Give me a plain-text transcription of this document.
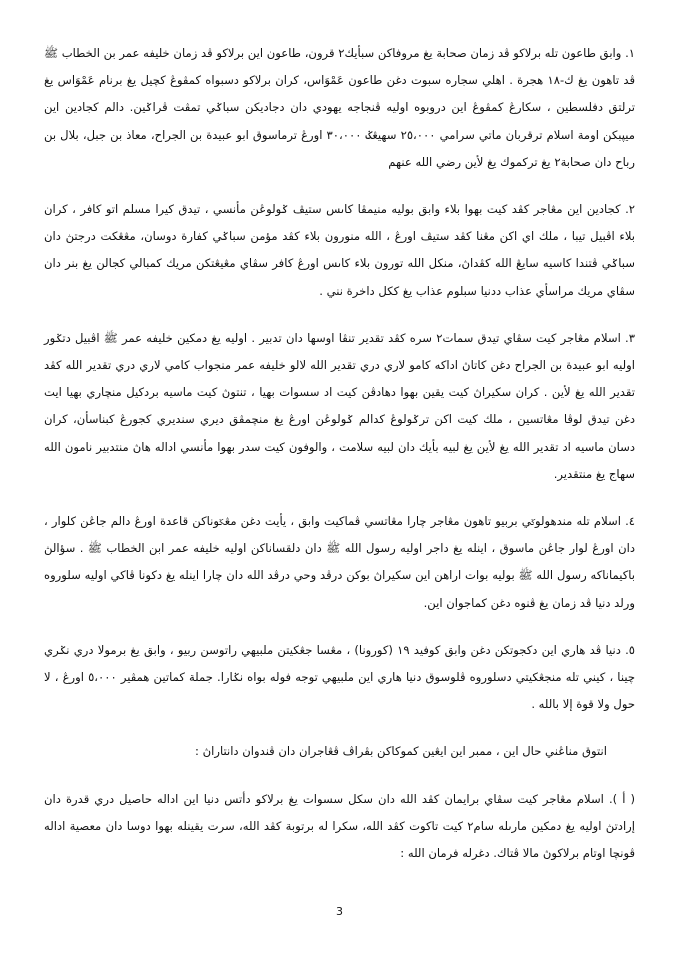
١. وابق طاعون تله برلاكو ڤد زمان صحابة يغ مروفاكن سبأيك٢ قرون، طاعون اين برلاكو ڤد زمان خليفه عمر بن الخطاب ﷺ ڤد تاهون يغ ك-١٨ هجرة . اهلي سجاره سبوت دغن طاعون عَمْوَاس، كران برلاكو دسبواه كمڤوڠ كچيل يغ برنام عَمْوَاس يغ ترلتق دفلسطين ، سكارڠ كمڤوڠ اين دروبوه اوليه ڤنجاجه يهودي دان دجاديكن سباݢي تمڤت ڤراݢين. دالم كجادين اين ميپبكن اومة اسلام ترقربان ماتي سرامي ٢٥،٠٠٠ سهيڠݢ ٣٠،٠٠٠ اورڠ ترماسوق ابو عبيدة بن الجراح، معاذ بن جبل، بلال بن رباح دان صحابة٢ يغ تركموك يغ لأين رضي الله عنهم

٢. كجادين اين مڠاجر كڤد كيت بهوا بلاء وابق بوليه منيمڤا كاٮس ستيڤ ݢولوڠن مأنسي ، تيدق كيرا مسلم اتو كافر ، كران بلاء اڤبيل تيبا ، ملك اي اكن مڠنا كڤد ستيڤ اورڠ ، الله منورون بلاء كڤد مؤمن سباݢي كفارة دوسان، مڠڠكت درجتڽ دان سباݢي ڤتندا كاسيه سايڠ الله كڤداڽ، منكل الله تورون بلاء كاٮس اورڠ كافر سڤاي مڠيڠتكن مريك كمبالي كجالن يغ بنر دان سڤاي مريك مراسأي عذاب ددنيا سبلوم عذاب يغ ككل داخرة نني .

٣. اسلام مڠاجر كيت سڤاي تيدق سمات٢ سره كڤد تقدير تنڤا اوسها دان تدبير . اوليه يغ دمكين خليفه عمر ﷺ اڤبيل دتݢور اوليه ابو عبيدة بن الجراح دغن كاتاڽ اداكه كامو لاري دري تقدير الله لالو خليفه عمر منجواب كامي لاري دري تقدير الله كڤد تقدير الله يغ لأين . كران سكيراڽ كيت يقين بهوا دهادڤن كيت اد سسوات بهيا ، تنتوڽ كيت ماسيه بردكيل منچاري بهيا ايت دغن تيدق لوڤا مڠاتسين ، ملك كيت اكن ترݢولوڠ كدالم ݢولوڠن اورڠ يغ منچمڤق ديري سنديري كجورڠ كبناسأن، كران دسان ماسيه اد تقدير الله يغ لأين يغ لبيه بأيك دان لبيه سلامت ، والوفون كيت سدر بهوا مأنسي اداله هاڽ منتدبير نامون الله سهاج يغ منتقدير.

٤. اسلام تله مندهولوݢي بربيو تاهون مڠاجر چارا مڠاتسي ڤماكيت وابق ، يأيت دغن مڠݢوناكن قاعدة اورڠ دالم جاڠن كلوار ، دان اورڠ لوار جاڠن ماسوق ، اينله يغ داجر اوليه رسول الله ﷺ دان دلقساناكن اوليه خليفه عمر ابن الخطاب ﷺ . سؤالڽ باكيماناكه رسول الله ﷺ بوليه بوات اراهن اين سكيراڽ بوكن درڤد وحي درڤد الله دان چارا اينله يغ دكونا ڤاكي اوليه سلوروه ورلد دنيا ڤد زمان يغ ڤنوه دغن كماجوان اين.

٥. دنيا ڤد هاري اين دكجوتكن دغن وابق كوفيد ١٩ (كورونا) ، مڠسا جڠكيتن ملبيهي راتوسن ربيو ، وابق يغ برمولا دري نݢري چينا ، كيني تله منجڠكيتي دسلوروه ڤلوسوق دنيا هاري اين ملبيهي توجه فوله بواه نݢارا. جملة كماتين همڤير ٥،٠٠٠ اورڠ ، لا حول ولا قوة إلا بالله .

انتوق مناڠني حال اين ، ممبر اين ايڠين كموكاكن بڤراڤ ڤڠاجران دان ڤندوان دانتاراڽ :

( أ ). اسلام مڠاجر كيت سڤاي برايمان كڤد الله دان سکل سسوات يغ برلاكو دأتس دنيا اين اداله حاصيل دري قدرة دان إرادتڽ اوليه يغ دمكين مارىله سام٢ كيت تاكوت كڤد الله، سكرا له برتوبة كڤد الله، سرت يقينله بهوا دوسا دان معصية اداله ڤونچا اوتام برلاكوڽ مالا ڤتاك. دغرله فرمان الله :

3
